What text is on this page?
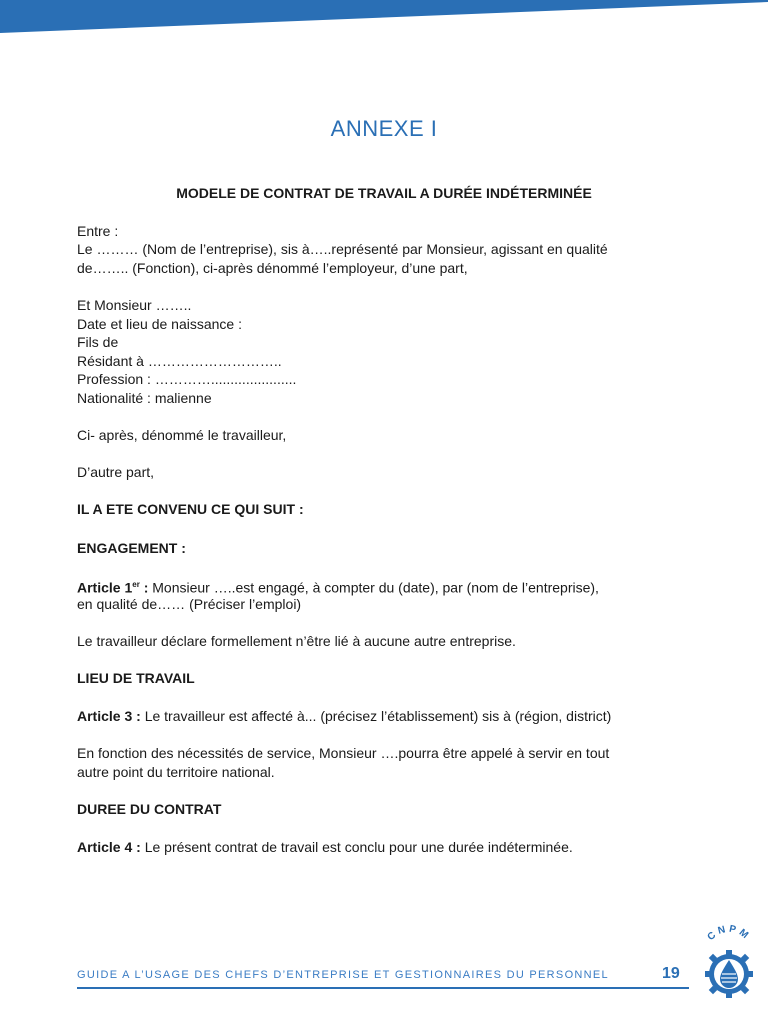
ANNEXE I
MODELE DE CONTRAT DE TRAVAIL A DURÉE INDÉTERMINÉE
Entre :
Le ……… (Nom de l’entreprise), sis à…..représenté par Monsieur, agissant en qualité
de…….. (Fonction), ci-après dénommé l’employeur, d’une part,
Et Monsieur ……..
Date et lieu de naissance :
Fils de
Résidant à ………………………..
Profession : …………......................
Nationalité : malienne
Ci- après, dénommé le travailleur,
D’autre part,
IL A ETE CONVENU CE QUI SUIT :
ENGAGEMENT :
Article 1er : Monsieur …..est engagé, à compter du (date), par (nom de l’entreprise),
en qualité de…… (Préciser l’emploi)
Le travailleur déclare formellement n’être lié à aucune autre entreprise.
LIEU DE TRAVAIL
Article 3 : Le travailleur est affecté à... (précisez l’établissement) sis à (région, district)
En fonction des nécessités de service, Monsieur ….pourra être appelé à servir en tout
autre point du territoire national.
DUREE DU CONTRAT
Article 4 : Le présent contrat de travail est conclu pour une durée indéterminée.
GUIDE A L’USAGE DES CHEFS D’ENTREPRISE ET GESTIONNAIRES DU PERSONNEL	19
CNPM
